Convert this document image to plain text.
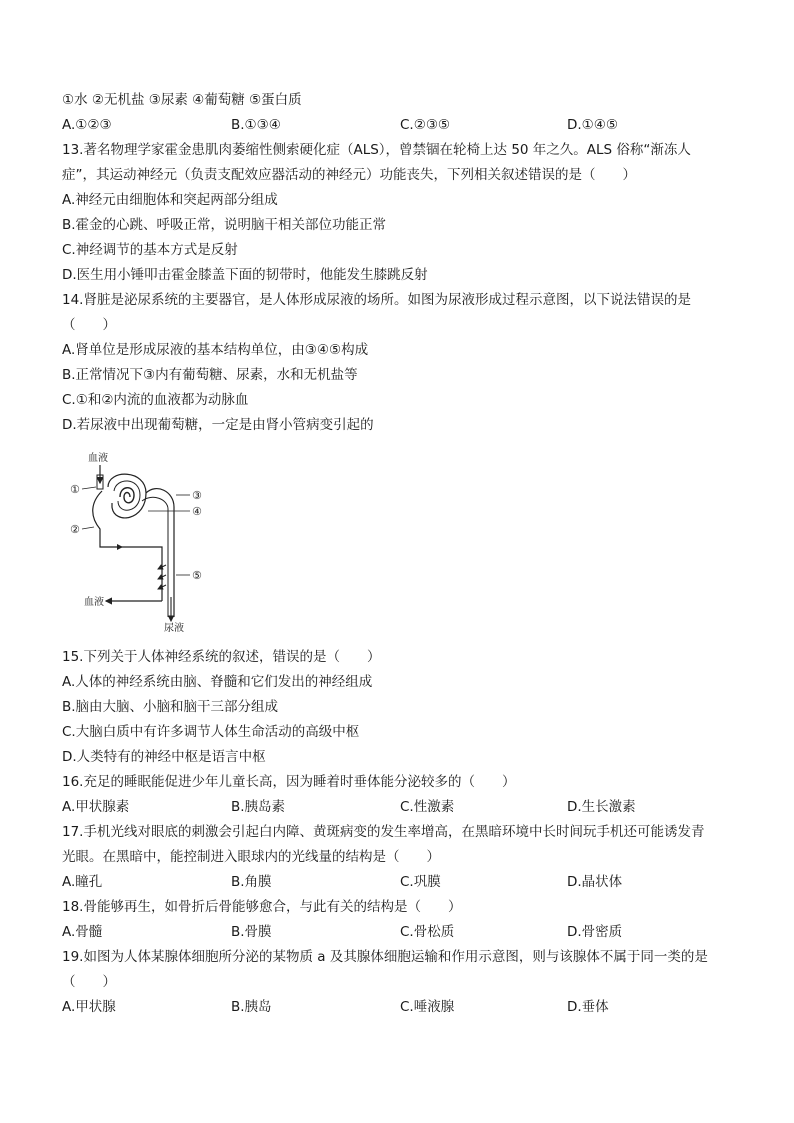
①水 ②无机盐 ③尿素 ④葡萄糖 ⑤蛋白质
A.①②③	B.①③④	C.②③⑤	D.①④⑤
13.著名物理学家霍金患肌肉萎缩性侧索硬化症（ALS），曾禁锢在轮椅上达 50 年之久。ALS 俗称“渐冻人
症”，其运动神经元（负责支配效应器活动的神经元）功能丧失，下列相关叙述错误的是（　　）
A.神经元由细胞体和突起两部分组成
B.霍金的心跳、呼吸正常，说明脑干相关部位功能正常
C.神经调节的基本方式是反射
D.医生用小锤叩击霍金膝盖下面的韧带时，他能发生膝跳反射
14.肾脏是泌尿系统的主要器官，是人体形成尿液的场所。如图为尿液形成过程示意图，以下说法错误的是
（　　）
A.肾单位是形成尿液的基本结构单位，由③④⑤构成
B.正常情况下③内有葡萄糖、尿素，水和无机盐等
C.①和②内流的血液都为动脉血
D.若尿液中出现葡萄糖，一定是由肾小管病变引起的
血液
血液
尿液
①
②
③
④
⑤
15.下列关于人体神经系统的叙述，错误的是（　　）
A.人体的神经系统由脑、脊髓和它们发出的神经组成
B.脑由大脑、小脑和脑干三部分组成
C.大脑白质中有许多调节人体生命活动的高级中枢
D.人类特有的神经中枢是语言中枢
16.充足的睡眠能促进少年儿童长高，因为睡着时垂体能分泌较多的（　　）
A.甲状腺素	B.胰岛素	C.性激素	D.生长激素
17.手机光线对眼底的刺激会引起白内障、黄斑病变的发生率增高，在黑暗环境中长时间玩手机还可能诱发青
光眼。在黑暗中，能控制进入眼球内的光线量的结构是（　　）
A.瞳孔	B.角膜	C.巩膜	D.晶状体
18.骨能够再生，如骨折后骨能够愈合，与此有关的结构是（　　）
A.骨髓	B.骨膜	C.骨松质	D.骨密质
19.如图为人体某腺体细胞所分泌的某物质 a 及其腺体细胞运输和作用示意图，则与该腺体不属于同一类的是
（　　）
A.甲状腺	B.胰岛	C.唾液腺	D.垂体
